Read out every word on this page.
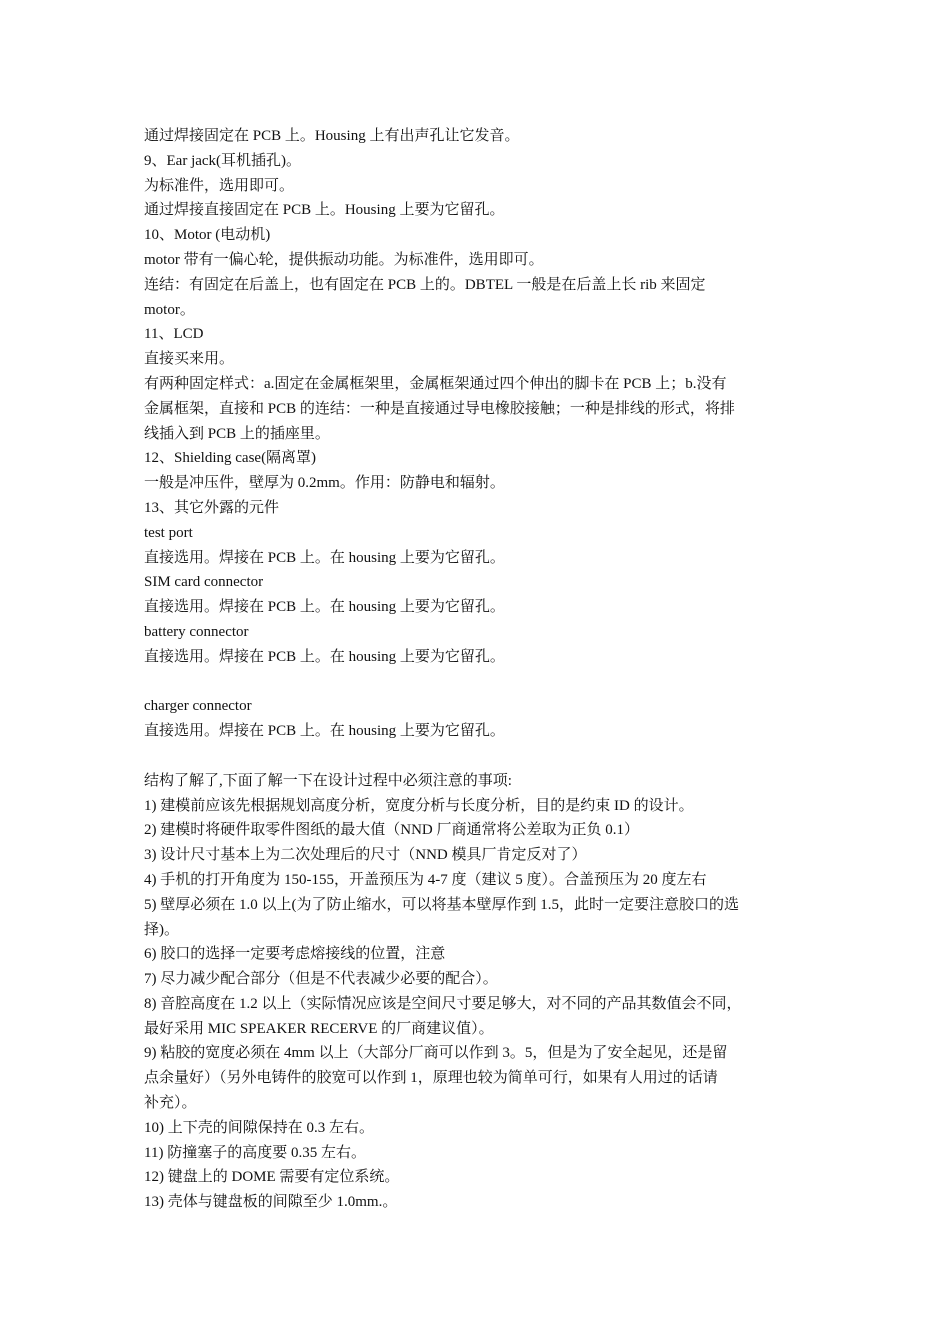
通过焊接固定在 PCB 上。Housing 上有出声孔让它发音。

9、Ear jack(耳机插孔)。

为标准件，选用即可。

通过焊接直接固定在 PCB 上。Housing 上要为它留孔。

10、Motor (电动机)

motor 带有一偏心轮，提供振动功能。为标准件，选用即可。

连结：有固定在后盖上，也有固定在 PCB 上的。DBTEL 一般是在后盖上长 rib 来固定

motor。

11、LCD

直接买来用。

有两种固定样式：a.固定在金属框架里，金属框架通过四个伸出的脚卡在 PCB 上；b.没有

金属框架，直接和 PCB 的连结：一种是直接通过导电橡胶接触；一种是排线的形式，将排

线插入到 PCB 上的插座里。

12、Shielding case(隔离罩)

一般是冲压件，壁厚为 0.2mm。作用：防静电和辐射。

13、其它外露的元件

test port

直接选用。焊接在 PCB 上。在 housing 上要为它留孔。

SIM card connector

直接选用。焊接在 PCB 上。在 housing 上要为它留孔。

battery connector

直接选用。焊接在 PCB 上。在 housing 上要为它留孔。

charger connector

直接选用。焊接在 PCB 上。在 housing 上要为它留孔。

结构了解了,下面了解一下在设计过程中必须注意的事项:

1) 建模前应该先根据规划高度分析，宽度分析与长度分析，目的是约束 ID 的设计。

2) 建模时将硬件取零件图纸的最大值（NND 厂商通常将公差取为正负 0.1）

3) 设计尺寸基本上为二次处理后的尺寸（NND 模具厂肯定反对了）

4) 手机的打开角度为 150-155，开盖预压为 4-7 度（建议 5 度）。合盖预压为 20 度左右

5) 壁厚必须在 1.0 以上(为了防止缩水，可以将基本壁厚作到 1.5，此时一定要注意胶口的选

择)。

6) 胶口的选择一定要考虑熔接线的位置，注意

7) 尽力减少配合部分（但是不代表减少必要的配合）。

8) 音腔高度在 1.2 以上（实际情况应该是空间尺寸要足够大，对不同的产品其数值会不同，

最好采用 MIC SPEAKER RECERVE 的厂商建议值）。

9) 粘胶的宽度必须在 4mm 以上（大部分厂商可以作到 3。5，但是为了安全起见，还是留

点余量好）（另外电铸件的胶宽可以作到 1，原理也较为简单可行，如果有人用过的话请

补充）。

10) 上下壳的间隙保持在 0.3 左右。

11) 防撞塞子的高度要 0.35 左右。

12) 键盘上的 DOME 需要有定位系统。

13) 壳体与键盘板的间隙至少 1.0mm.。
